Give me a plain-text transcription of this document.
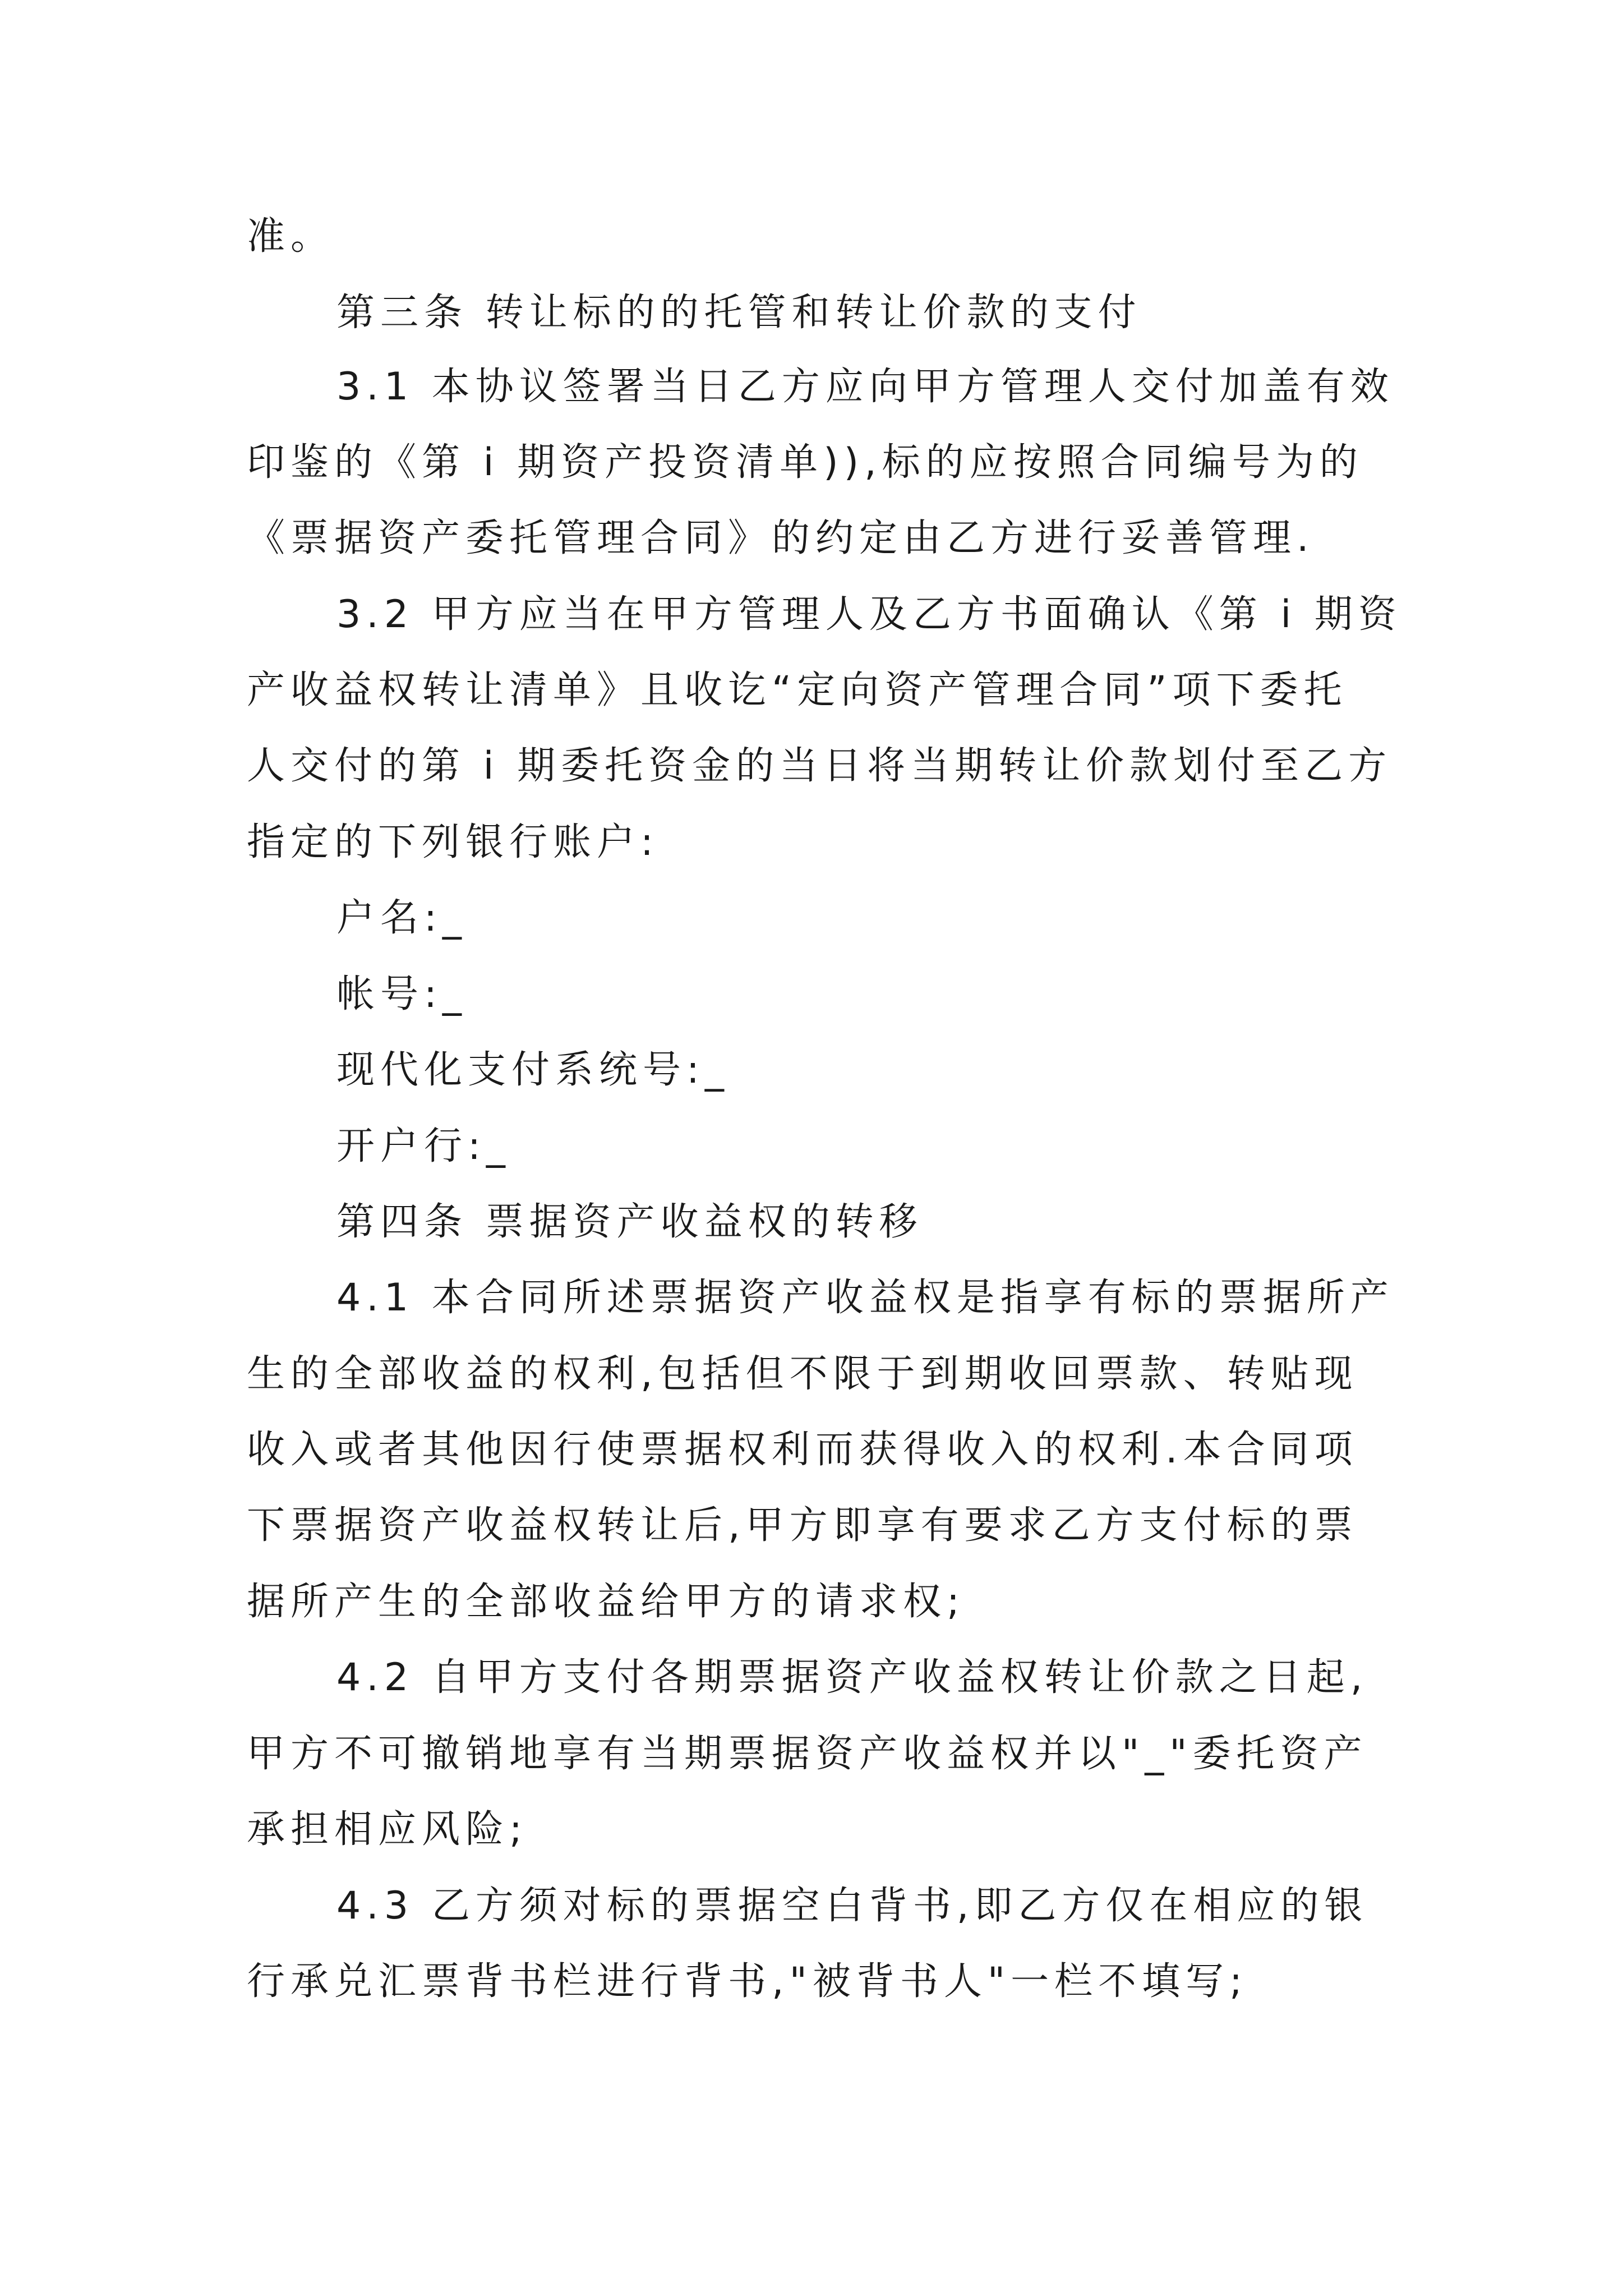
准。
第三条 转让标的的托管和转让价款的支付
3.1 本协议签署当日乙方应向甲方管理人交付加盖有效
印鉴的《第 i 期资产投资清单)),标的应按照合同编号为的
《票据资产委托管理合同》的约定由乙方进行妥善管理.
3.2 甲方应当在甲方管理人及乙方书面确认《第 i 期资
产收益权转让清单》且收讫“定向资产管理合同”项下委托
人交付的第 i 期委托资金的当日将当期转让价款划付至乙方
指定的下列银行账户:
户名:_
帐号:_
现代化支付系统号:_
开户行:_
第四条 票据资产收益权的转移
4.1 本合同所述票据资产收益权是指享有标的票据所产
生的全部收益的权利,包括但不限于到期收回票款、转贴现
收入或者其他因行使票据权利而获得收入的权利.本合同项
下票据资产收益权转让后,甲方即享有要求乙方支付标的票
据所产生的全部收益给甲方的请求权;
4.2 自甲方支付各期票据资产收益权转让价款之日起,
甲方不可撤销地享有当期票据资产收益权并以"_"委托资产
承担相应风险;
4.3 乙方须对标的票据空白背书,即乙方仅在相应的银
行承兑汇票背书栏进行背书,"被背书人"一栏不填写;
